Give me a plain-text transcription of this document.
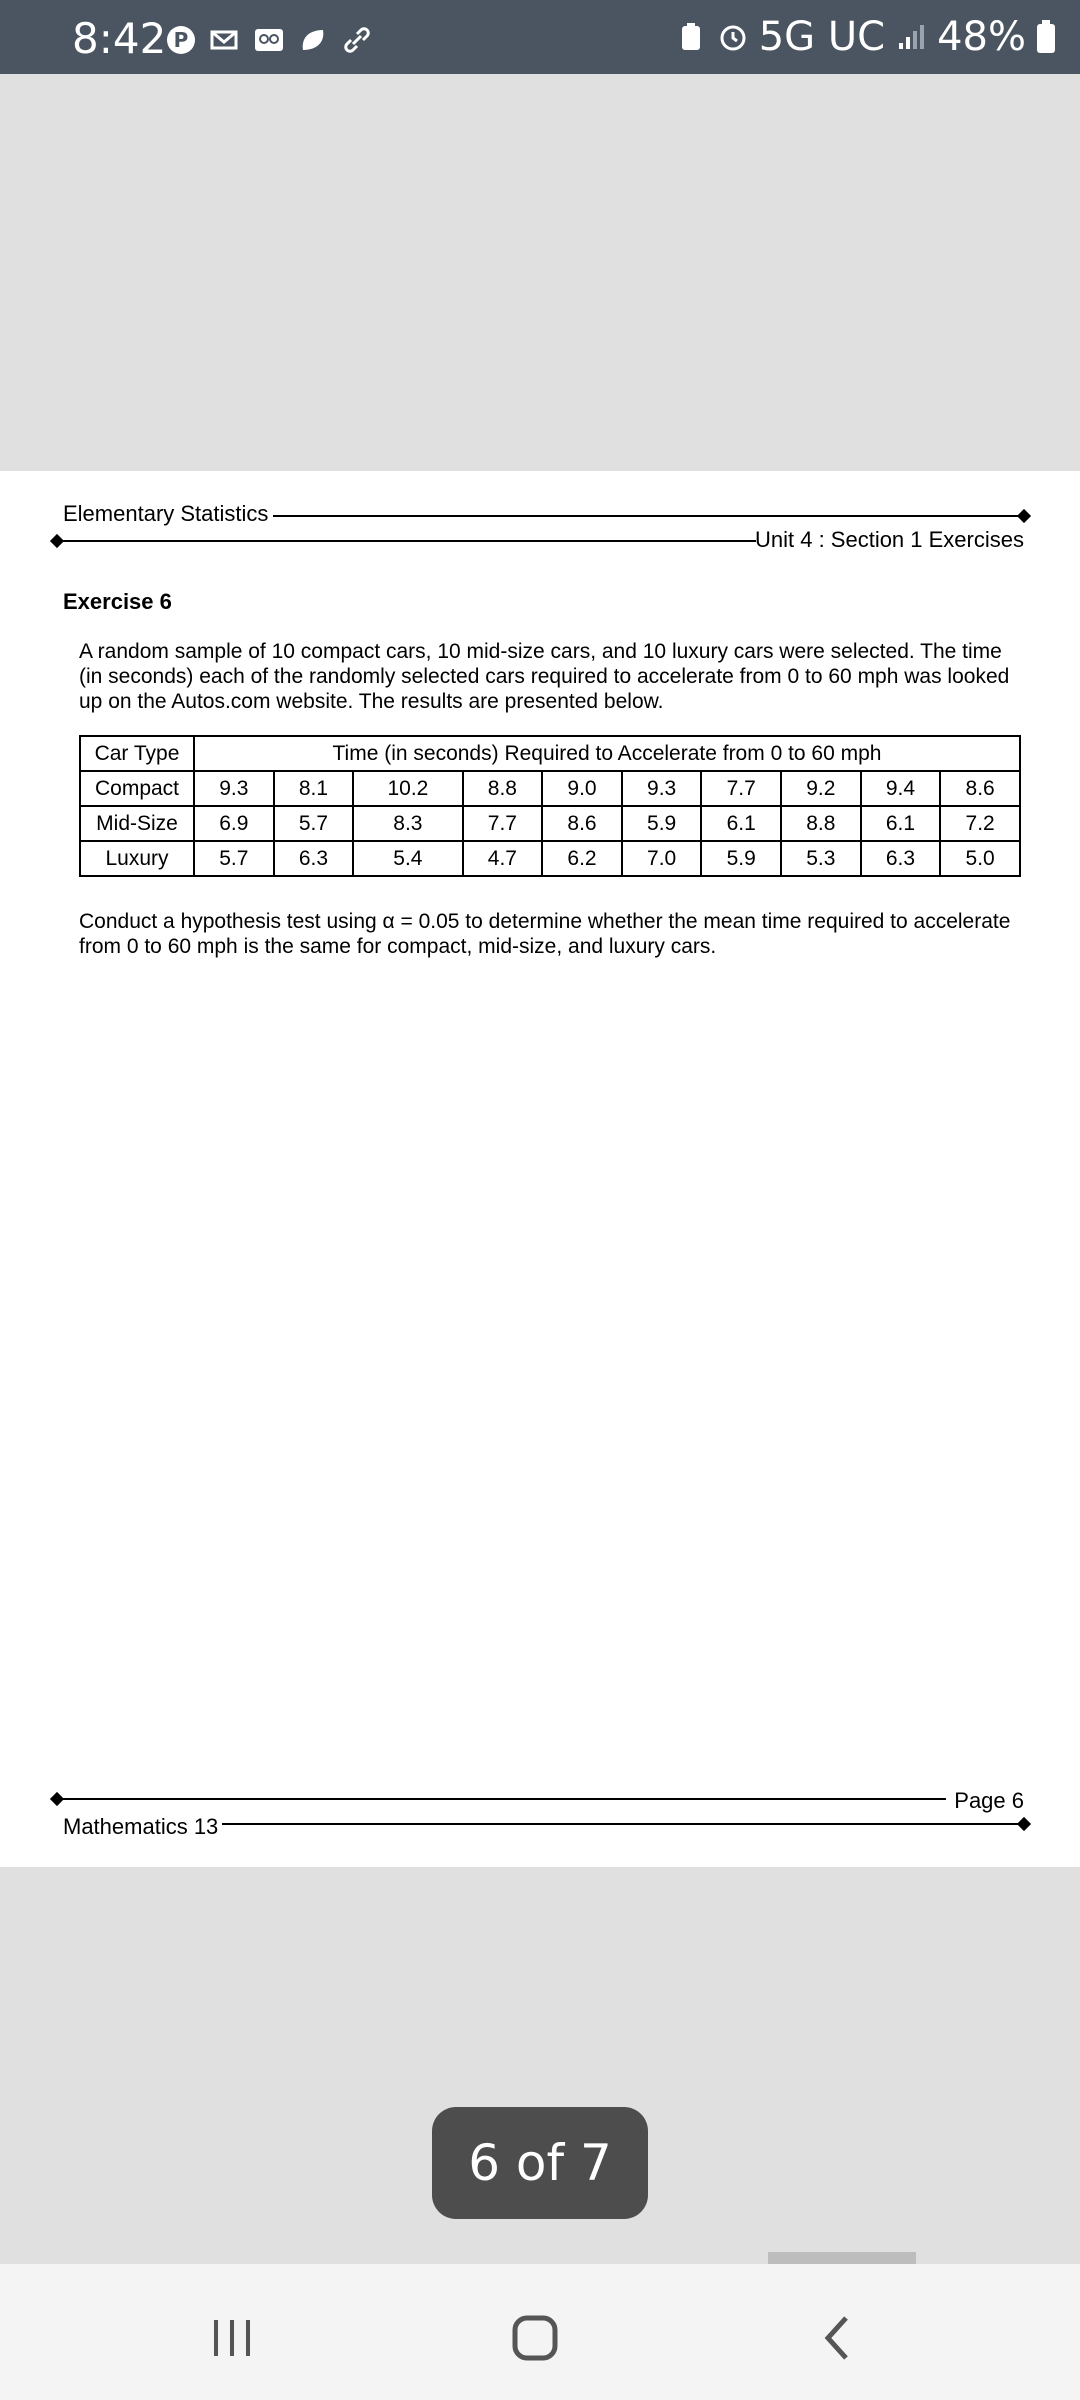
8:42 P	5G UC 48%
Elementary Statistics
Unit 4 : Section 1 Exercises
Exercise 6
A random sample of 10 compact cars, 10 mid-size cars, and 10 luxury cars were selected. The time
(in seconds) each of the randomly selected cars required to accelerate from 0 to 60 mph was looked
up on the Autos.com website. The results are presented below.
Car Type	Time (in seconds) Required to Accelerate from 0 to 60 mph									
Compact	9.3	8.1	10.2	8.8	9.0	9.3	7.7	9.2	9.4	8.6
Mid-Size	6.9	5.7	8.3	7.7	8.6	5.9	6.1	8.8	6.1	7.2
Luxury	5.7	6.3	5.4	4.7	6.2	7.0	5.9	5.3	6.3	5.0
Conduct a hypothesis test using α = 0.05 to determine whether the mean time required to accelerate
from 0 to 60 mph is the same for compact, mid-size, and luxury cars.
Page 6
Mathematics 13
6 of 7
